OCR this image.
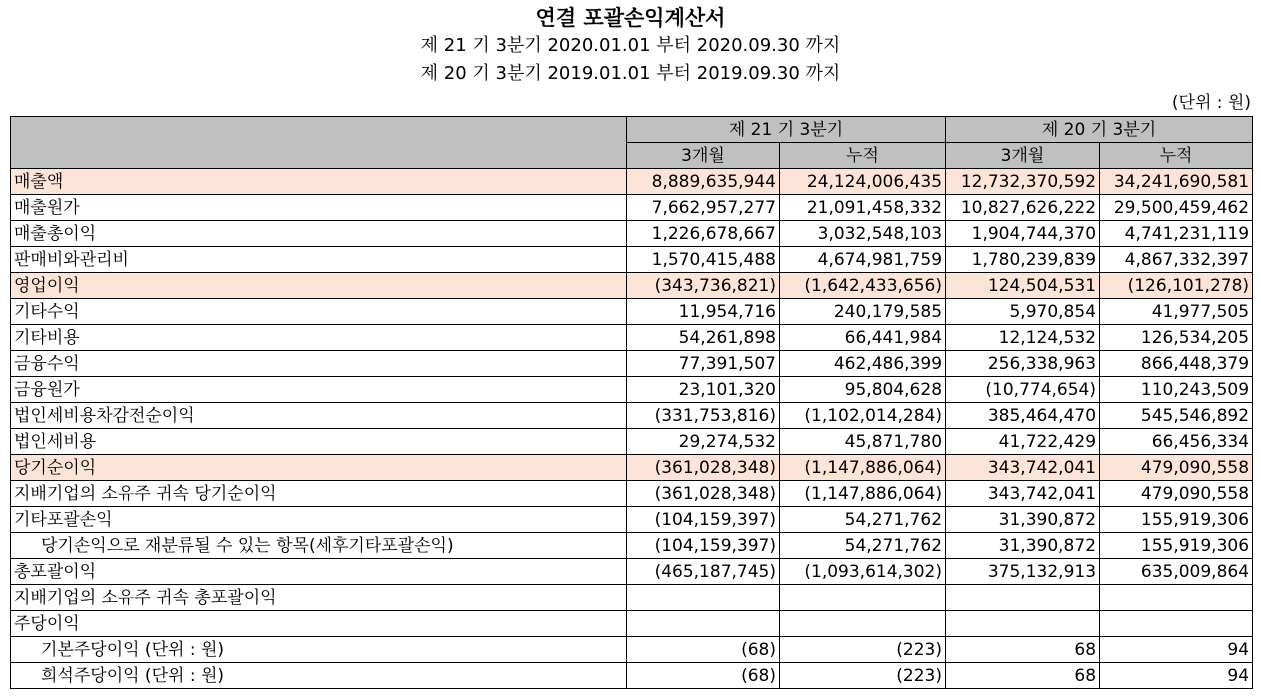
연결 포괄손익계산서
제 21 기 3분기 2020.01.01 부터 2020.09.30 까지
제 20 기 3분기 2019.01.01 부터 2019.09.30 까지
(단위 : 원)
	제 21 기 3분기		제 20 기 3분기	
	3개월	누적	3개월	누적
매출액	8,889,635,944	24,124,006,435	12,732,370,592	34,241,690,581
매출원가	7,662,957,277	21,091,458,332	10,827,626,222	29,500,459,462
매출총이익	1,226,678,667	3,032,548,103	1,904,744,370	4,741,231,119
판매비와관리비	1,570,415,488	4,674,981,759	1,780,239,839	4,867,332,397
영업이익	(343,736,821)	(1,642,433,656)	124,504,531	(126,101,278)
기타수익	11,954,716	240,179,585	5,970,854	41,977,505
기타비용	54,261,898	66,441,984	12,124,532	126,534,205
금융수익	77,391,507	462,486,399	256,338,963	866,448,379
금융원가	23,101,320	95,804,628	(10,774,654)	110,243,509
법인세비용차감전순이익	(331,753,816)	(1,102,014,284)	385,464,470	545,546,892
법인세비용	29,274,532	45,871,780	41,722,429	66,456,334
당기순이익	(361,028,348)	(1,147,886,064)	343,742,041	479,090,558
지배기업의 소유주 귀속 당기순이익	(361,028,348)	(1,147,886,064)	343,742,041	479,090,558
기타포괄손익	(104,159,397)	54,271,762	31,390,872	155,919,306
당기손익으로 재분류될 수 있는 항목(세후기타포괄손익)	(104,159,397)	54,271,762	31,390,872	155,919,306
총포괄이익	(465,187,745)	(1,093,614,302)	375,132,913	635,009,864
지배기업의 소유주 귀속 총포괄이익				
주당이익				
기본주당이익 (단위 : 원)	(68)	(223)	68	94
희석주당이익 (단위 : 원)	(68)	(223)	68	94
